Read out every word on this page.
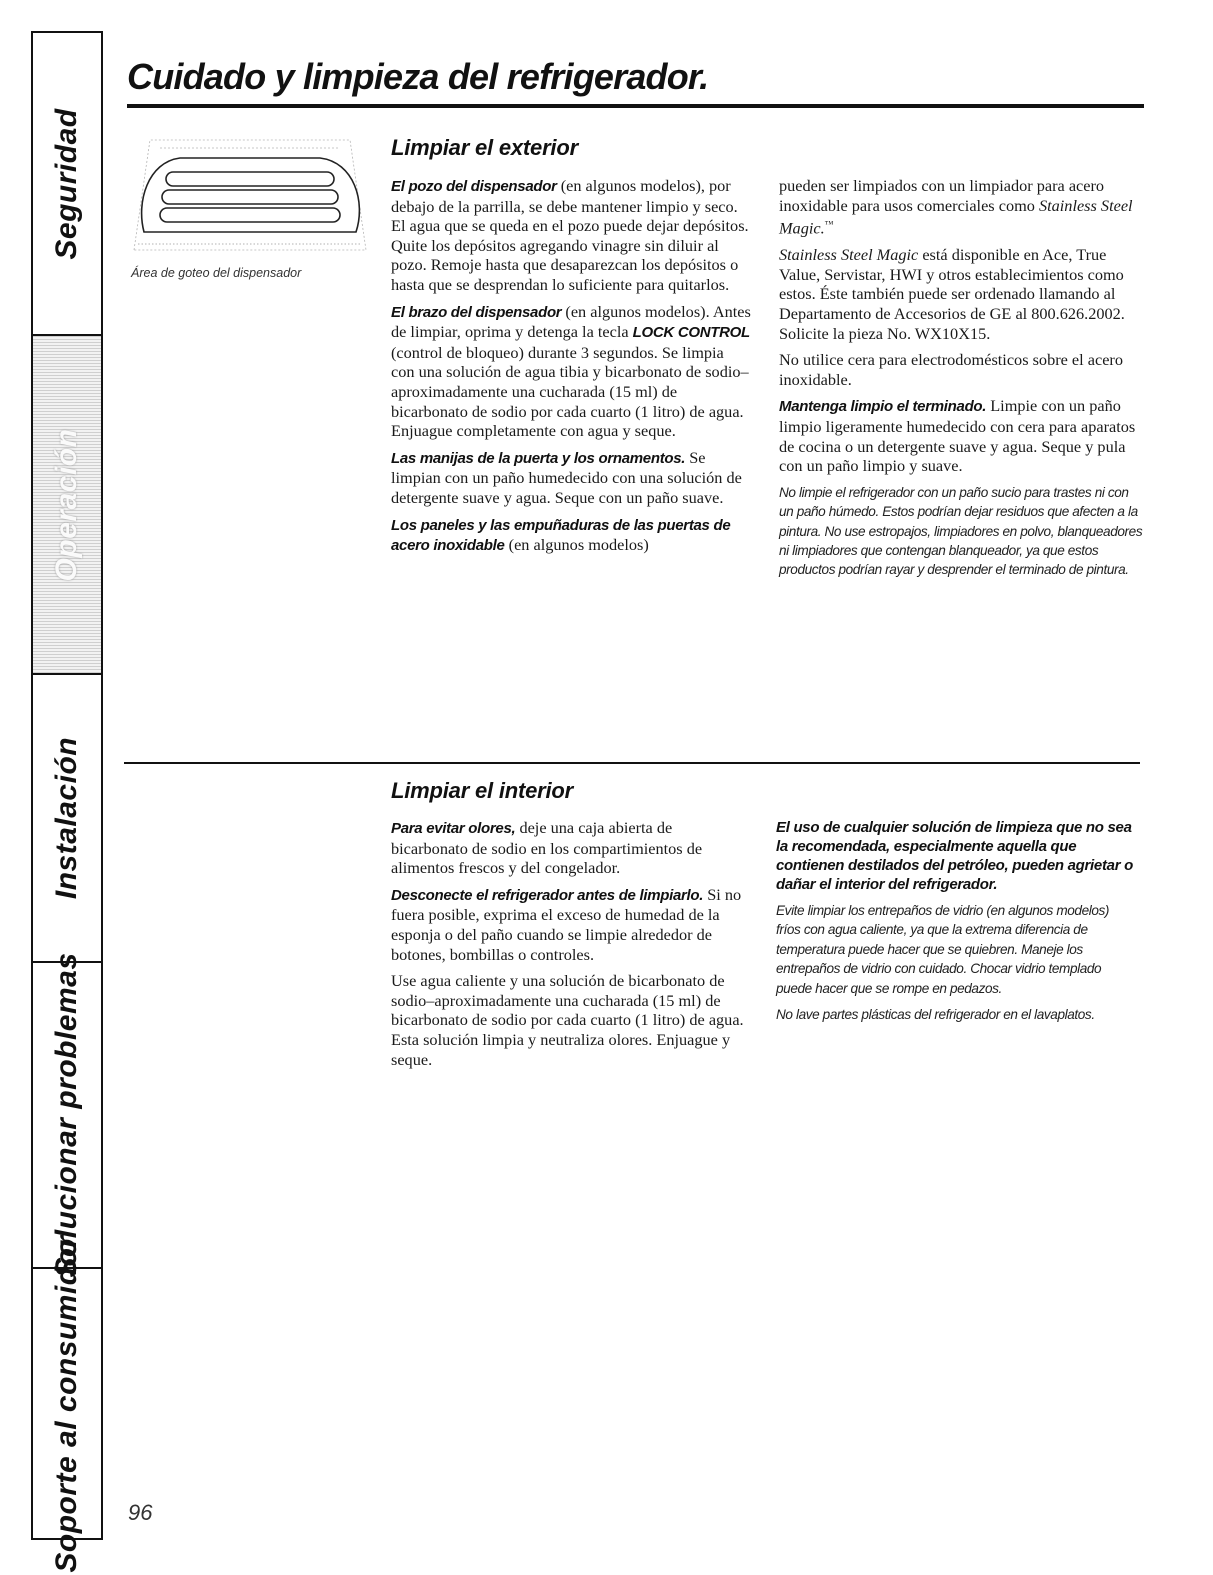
Seguridad
Operación
Instalación
Solucionar problemas
Soporte al consumidor
Cuidado y limpieza del refrigerador.
Área de goteo del dispensador
Limpiar el exterior

El pozo del dispensador (en algunos modelos), por debajo de la parrilla, se debe mantener limpio y seco. El agua que se queda en el pozo puede dejar depósitos. Quite los depósitos agregando vinagre sin diluir al pozo. Remoje hasta que desaparezcan los depósitos o hasta que se desprendan lo suficiente para quitarlos.

El brazo del dispensador (en algunos modelos). Antes de limpiar, oprima y detenga la tecla LOCK CONTROL (control de bloqueo) durante 3 segundos. Se limpia con una solución de agua tibia y bicarbonato de sodio–aproximadamente una cucharada (15 ml) de bicarbonato de sodio por cada cuarto (1 litro) de agua. Enjuague completamente con agua y seque.

Las manijas de la puerta y los ornamentos. Se limpian con un paño humedecido con una solución de detergente suave y agua. Seque con un paño suave.

Los paneles y las empuñaduras de las puertas de acero inoxidable (en algunos modelos)

pueden ser limpiados con un limpiador para acero inoxidable para usos comerciales como Stainless Steel Magic.™

Stainless Steel Magic está disponible en Ace, True Value, Servistar, HWI y otros establecimientos como estos. Éste también puede ser ordenado llamando al Departamento de Accesorios de GE al 800.626.2002. Solicite la pieza No. WX10X15.

No utilice cera para electrodomésticos sobre el acero inoxidable.

Mantenga limpio el terminado. Limpie con un paño limpio ligeramente humedecido con cera para aparatos de cocina o un detergente suave y agua. Seque y pula con un paño limpio y suave.

No limpie el refrigerador con un paño sucio para trastes ni con un paño húmedo. Estos podrían dejar residuos que afecten a la pintura. No use estropajos, limpiadores en polvo, blanqueadores ni limpiadores que contengan blanqueador, ya que estos productos podrían rayar y desprender el terminado de pintura.

Limpiar el interior

Para evitar olores, deje una caja abierta de bicarbonato de sodio en los compartimientos de alimentos frescos y del congelador.

Desconecte el refrigerador antes de limpiarlo. Si no fuera posible, exprima el exceso de humedad de la esponja o del paño cuando se limpie alrededor de botones, bombillas o controles.

Use agua caliente y una solución de bicarbonato de sodio–aproximadamente una cucharada (15 ml) de bicarbonato de sodio por cada cuarto (1 litro) de agua. Esta solución limpia y neutraliza olores. Enjuague y seque.

El uso de cualquier solución de limpieza que no sea la recomendada, especialmente aquella que contienen destilados del petróleo, pueden agrietar o dañar el interior del refrigerador.

Evite limpiar los entrepaños de vidrio (en algunos modelos) fríos con agua caliente, ya que la extrema diferencia de temperatura puede hacer que se quiebren. Maneje los entrepaños de vidrio con cuidado. Chocar vidrio templado puede hacer que se rompe en pedazos.

No lave partes plásticas del refrigerador en el lavaplatos.

96
